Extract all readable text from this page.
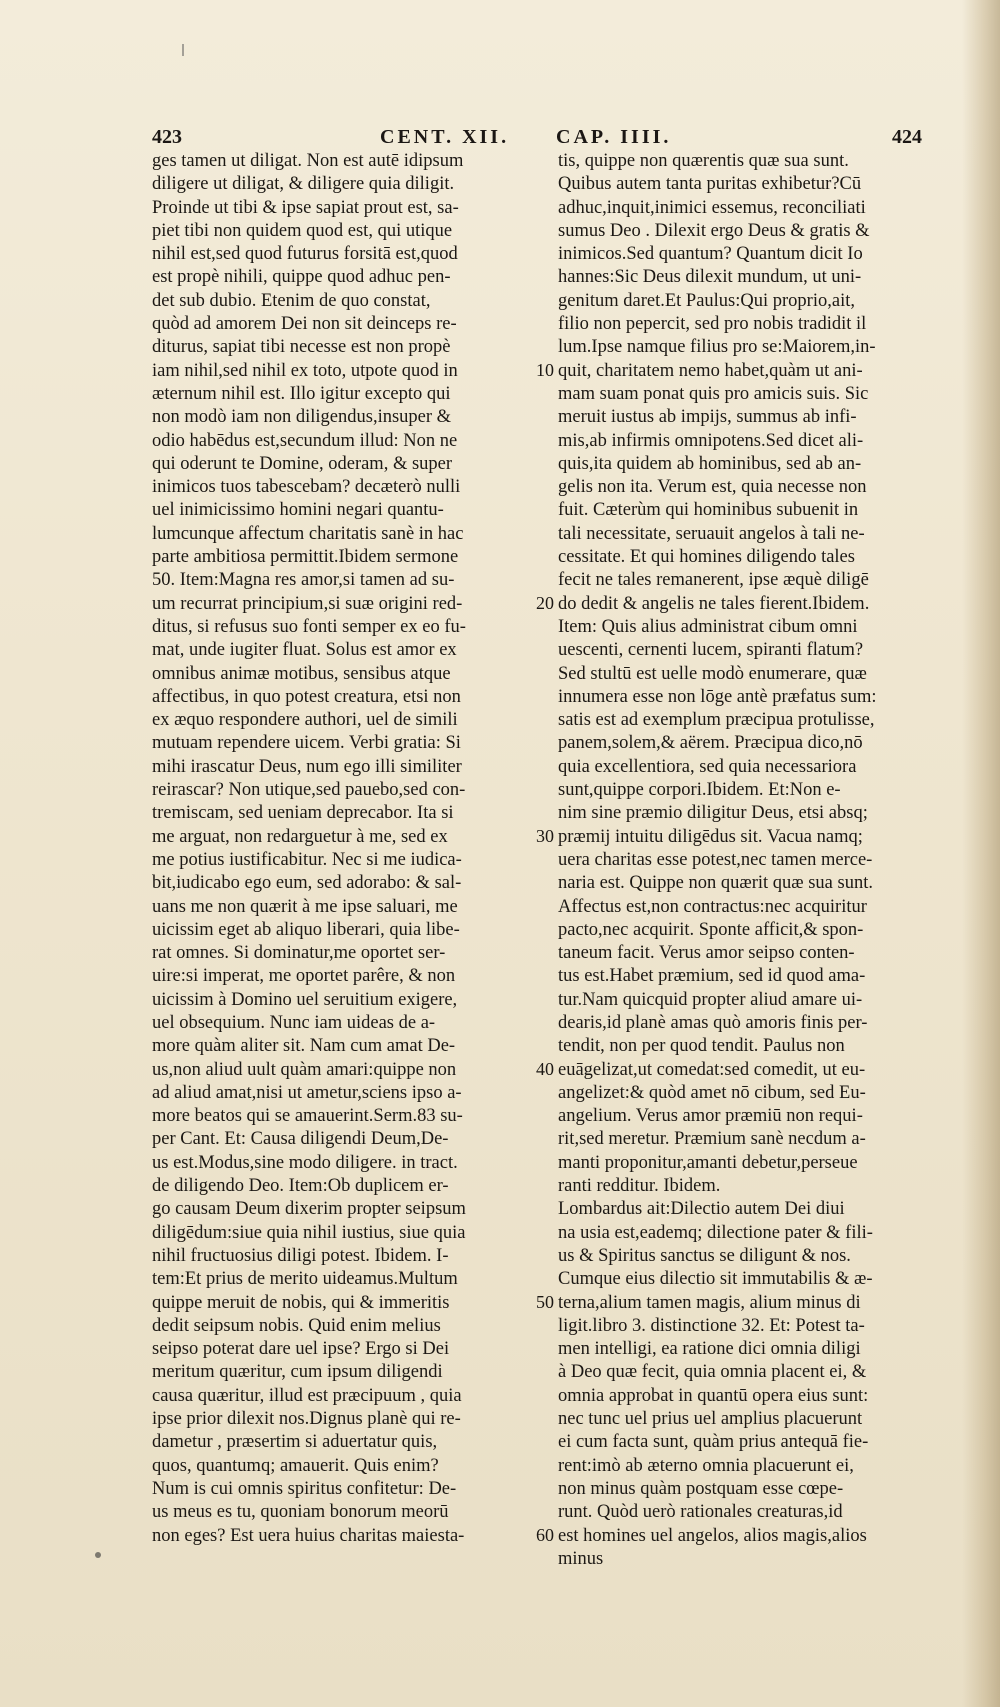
423	CENT. XII. CAP. IIII.	424
ges tamen ut diligat. Non est autē idipsum
diligere ut diligat, & diligere quia diligit.
Proinde ut tibi & ipse sapiat prout est, sa-
piet tibi non quidem quod est, qui utique
nihil est,sed quod futurus forsitā est,quod
est propè nihili, quippe quod adhuc pen-
det sub dubio. Etenim de quo constat,
quòd ad amorem Dei non sit deinceps re-
diturus, sapiat tibi necesse est non propè
iam nihil,sed nihil ex toto, utpote quod in
æternum nihil est. Illo igitur excepto qui
non modò iam non diligendus,insuper &
odio habēdus est,secundum illud: Non ne
qui oderunt te Domine, oderam, & super
inimicos tuos tabescebam? decæterò nulli
uel inimicissimo homini negari quantu-
lumcunque affectum charitatis sanè in hac
parte ambitiosa permittit.Ibidem sermone
50. Item:Magna res amor,si tamen ad su-
um recurrat principium,si suæ origini red-
ditus, si refusus suo fonti semper ex eo fu-
mat, unde iugiter fluat. Solus est amor ex
omnibus animæ motibus, sensibus atque
affectibus, in quo potest creatura, etsi non
ex æquo respondere authori, uel de simili
mutuam rependere uicem. Verbi gratia: Si
mihi irascatur Deus, num ego illi similiter
reirascar? Non utique,sed pauebo,sed con-
tremiscam, sed ueniam deprecabor. Ita si
me arguat, non redarguetur à me, sed ex
me potius iustificabitur. Nec si me iudica-
bit,iudicabo ego eum, sed adorabo: & sal-
uans me non quærit à me ipse saluari, me
uicissim eget ab aliquo liberari, quia libe-
rat omnes. Si dominatur,me oportet ser-
uire:si imperat, me oportet parêre, & non
uicissim à Domino uel seruitium exigere,
uel obsequium. Nunc iam uideas de a-
more quàm aliter sit. Nam cum amat De-
us,non aliud uult quàm amari:quippe non
ad aliud amat,nisi ut ametur,sciens ipso a-
more beatos qui se amauerint.Serm.83 su-
per Cant. Et: Causa diligendi Deum,De-
us est.Modus,sine modo diligere. in tract.
de diligendo Deo. Item:Ob duplicem er-
go causam Deum dixerim propter seipsum
diligēdum:siue quia nihil iustius, siue quia
nihil fructuosius diligi potest. Ibidem. I-
tem:Et prius de merito uideamus.Multum
quippe meruit de nobis, qui & immeritis
dedit seipsum nobis. Quid enim melius
seipso poterat dare uel ipse? Ergo si Dei
meritum quæritur, cum ipsum diligendi
causa quæritur, illud est præcipuum , quia
ipse prior dilexit nos.Dignus planè qui re-
dametur , præsertim si aduertatur quis,
quos, quantumq; amauerit. Quis enim?
Num is cui omnis spiritus confitetur: De-
us meus es tu, quoniam bonorum meorū
non eges? Est uera huius charitas maiesta-
10
20
30
40
50
60
tis, quippe non quærentis quæ sua sunt.
Quibus autem tanta puritas exhibetur?Cū
adhuc,inquit,inimici essemus, reconciliati
sumus Deo . Dilexit ergo Deus & gratis &
inimicos.Sed quantum? Quantum dicit Io
hannes:Sic Deus dilexit mundum, ut uni-
genitum daret.Et Paulus:Qui proprio,ait,
filio non pepercit, sed pro nobis tradidit il
lum.Ipse namque filius pro se:Maiorem,in-
quit, charitatem nemo habet,quàm ut ani-
mam suam ponat quis pro amicis suis. Sic
meruit iustus ab impijs, summus ab infi-
mis,ab infirmis omnipotens.Sed dicet ali-
quis,ita quidem ab hominibus, sed ab an-
gelis non ita. Verum est, quia necesse non
fuit. Cæterùm qui hominibus subuenit in
tali necessitate, seruauit angelos à tali ne-
cessitate. Et qui homines diligendo tales
fecit ne tales remanerent, ipse æquè diligē
do dedit & angelis ne tales fierent.Ibidem.
Item: Quis alius administrat cibum omni
uescenti, cernenti lucem, spiranti flatum?
Sed stultū est uelle modò enumerare, quæ
innumera esse non lōge antè præfatus sum:
satis est ad exemplum præcipua protulisse,
panem,solem,& aërem. Præcipua dico,nō
quia excellentiora, sed quia necessariora
sunt,quippe corpori.Ibidem. Et:Non e-
nim sine præmio diligitur Deus, etsi absq;
præmij intuitu diligēdus sit. Vacua namq;
uera charitas esse potest,nec tamen merce-
naria est. Quippe non quærit quæ sua sunt.
Affectus est,non contractus:nec acquiritur
pacto,nec acquirit. Sponte afficit,& spon-
taneum facit. Verus amor seipso conten-
tus est.Habet præmium, sed id quod ama-
tur.Nam quicquid propter aliud amare ui-
dearis,id planè amas quò amoris finis per-
tendit, non per quod tendit. Paulus non
euāgelizat,ut comedat:sed comedit, ut eu-
angelizet:& quòd amet nō cibum, sed Eu-
angelium. Verus amor præmiū non requi-
rit,sed meretur. Præmium sanè necdum a-
manti proponitur,amanti debetur,perseue
ranti redditur. Ibidem.
Lombardus ait:Dilectio autem Dei diui
na usia est,eademq; dilectione pater & fili-
us & Spiritus sanctus se diligunt & nos.
Cumque eius dilectio sit immutabilis & æ-
terna,alium tamen magis, alium minus di
ligit.libro 3. distinctione 32. Et: Potest ta-
men intelligi, ea ratione dici omnia diligi
à Deo quæ fecit, quia omnia placent ei, &
omnia approbat in quantū opera eius sunt:
nec tunc uel prius uel amplius placuerunt
ei cum facta sunt, quàm prius antequā fie-
rent:imò ab æterno omnia placuerunt ei,
non minus quàm postquam esse cœpe-
runt. Quòd uerò rationales creaturas,id
est homines uel angelos, alios magis,alios
minus
